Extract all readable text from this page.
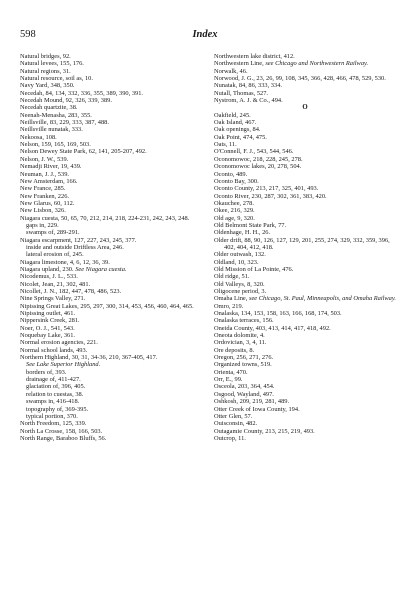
598	Index
Natural bridges, 92.
Natural levees, 155, 176.
Natural regions, 31.
Natural resource, soil as, 10.
Navy Yard, 348, 350.
Necedah, 84, 134, 332, 336, 355, 389, 390, 391.
Necedah Mound, 92, 326, 339, 389.
Necedah quartzite, 38.
Neenah-Menasha, 283, 355.
Neillsville, 83, 229, 333, 387, 488.
Neillsville nunatak, 333.
Nekoosa, 108.
Nelson, 159, 165, 169, 503.
Nelson Dewey State Park, 62, 141, 205-207, 492.
Nelson, J. W., 539.
Nemadji River, 19, 439.
Neuman, J. J., 539.
New Amsterdam, 166.
New France, 285.
New Franken, 226.
New Glarus, 60, 112.
New Lisbon, 326.
Niagara cuesta, 50, 65, 70, 212, 214, 218, 224-231, 242, 243, 248.
gaps in, 229.
swamps of, 289-291.
Niagara escarpment, 127, 227, 243, 245, 377.
inside and outside Driftless Area, 246.
lateral erosion of, 245.
Niagara limestone, 4, 6, 12, 36, 39.
Niagara upland, 230. See Niagara cuesta.
Nicodemus, J. L., 533.
Nicolet, Jean, 21, 302, 481.
Nicollet, J. N., 182, 447, 478, 486, 523.
Nine Springs Valley, 271.
Nipissing Great Lakes, 295, 297, 300, 314, 453, 456, 460, 464, 465.
Nipissing outlet, 461.
Nippersink Creek, 281.
Noer, O. J., 541, 543.
Noquebay Lake, 361.
Normal erosion agencies, 221.
Normal school lands, 493.
Northern Highland, 30, 31, 34-36, 210, 367-405, 417.
See Lake Superior Highland.
borders of, 393.
drainage of, 411-427.
glaciation of, 396, 405.
relation to cuestas, 38.
swamps in, 416-418.
topography of, 369-395.
typical portion, 370.
North Freedom, 125, 339.
North La Crosse, 158, 166, 503.
North Range, Baraboo Bluffs, 56.
Northwestern lake district, 412.
Northwestern Line, see Chicago and Northwestern Railway.
Norwalk, 46.
Norwood, J. G., 23, 26, 99, 108, 345, 366, 428, 466, 478, 529, 530.
Nunatak, 84, 86, 333, 334.
Nutall, Thomas, 527.
Nystrom, A. J. & Co., 494.
O
Oakfield, 245.
Oak Island, 467.
Oak openings, 84.
Oak Point, 474, 475.
Oats, 11.
O'Connell, F. J., 543, 544, 546.
Oconomowoc, 218, 228, 245, 278.
Oconomowoc lakes, 20, 278, 504.
Oconto, 489.
Oconto Bay, 300.
Oconto County, 213, 217, 325, 401, 493.
Oconto River, 230, 287, 302, 361, 383, 420.
Okauchee, 278.
Okee, 216, 329.
Old age, 9, 320.
Old Belmont State Park, 77.
Oldenhage, H. H., 26.
Older drift, 88, 90, 126, 127, 129, 201, 255, 274, 329, 332, 359, 396, 402, 404, 412, 418.
Older outwash, 132.
Oldland, 10, 323.
Old Mission of La Pointe, 476.
Old ridge, 51.
Old Valleys, 8, 320.
Oligocene period, 3.
Omaha Line, see Chicago, St. Paul, Minneapolis, and Omaha Railway.
Omro, 219.
Onalaska, 134, 153, 158, 163, 166, 168, 174, 503.
Onalaska terraces, 156.
Oneida County, 403, 413, 414, 417, 418, 492.
Oneota dolomite, 4.
Ordovician, 3, 4, 11.
Ore deposits, 8.
Oregon, 256, 271, 276.
Organized towns, 519.
Orienta, 470.
Orr, E., 99.
Osceola, 203, 364, 454.
Osgood, Wayland, 497.
Oshkosh, 209, 219, 281, 489.
Otter Creek of Iowa County, 194.
Otter Glen, 57.
Ouisconsin, 482.
Outagamie County, 213, 215, 219, 493.
Outcrop, 11.
